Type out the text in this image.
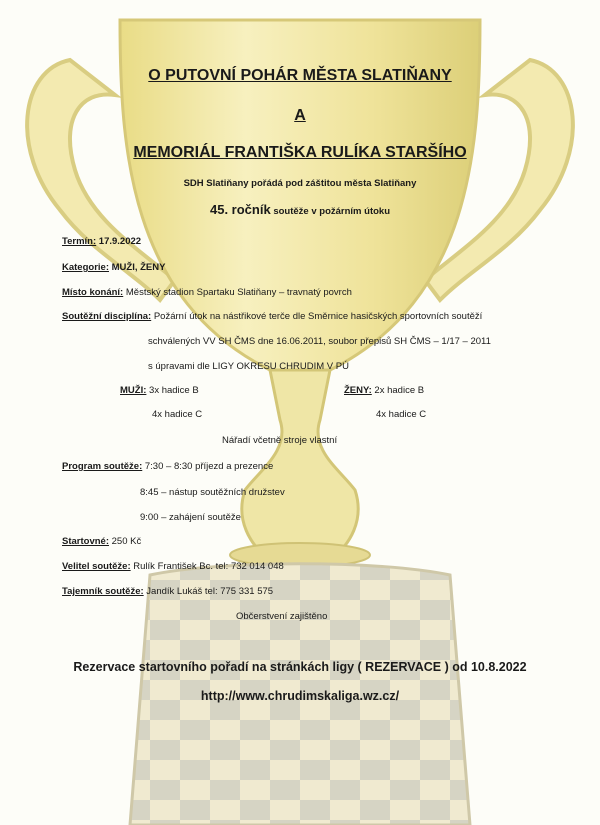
O PUTOVNÍ POHÁR MĚSTA SLATIŇANY
A
MEMORIÁL FRANTIŠKA RULÍKA STARŠÍHO
SDH Slatiňany pořádá pod záštitou města Slatiňany
45. ročník soutěže v požárním útoku
Termín: 17.9.2022
Kategorie: MUŽI, ŽENY
Místo konání: Městský stadion Spartaku Slatiňany – travnatý povrch
Soutěžní disciplína: Požární útok na nástřikové terče dle Směrnice hasičských sportovních soutěží
schválených VV SH ČMS dne 16.06.2011, soubor přepisů SH ČMS – 1/17 – 2011
s úpravami dle LIGY OKRESU CHRUDIM V PÚ
MUŽI: 3x hadice B
4x hadice C
ŽENY: 2x hadice B
4x hadice C
Nářadí včetně stroje vlastní
Program soutěže: 7:30 – 8:30 příjezd a prezence
8:45 – nástup soutěžních družstev
9:00 – zahájení soutěže
Startovné: 250 Kč
Velitel soutěže: Rulík František Bc. tel: 732 014 048
Tajemník soutěže: Jandík Lukáš tel: 775 331 575
Občerstvení zajištěno
Rezervace startovního pořadí na stránkách ligy ( REZERVACE ) od 10.8.2022
http://www.chrudimskaliga.wz.cz/
